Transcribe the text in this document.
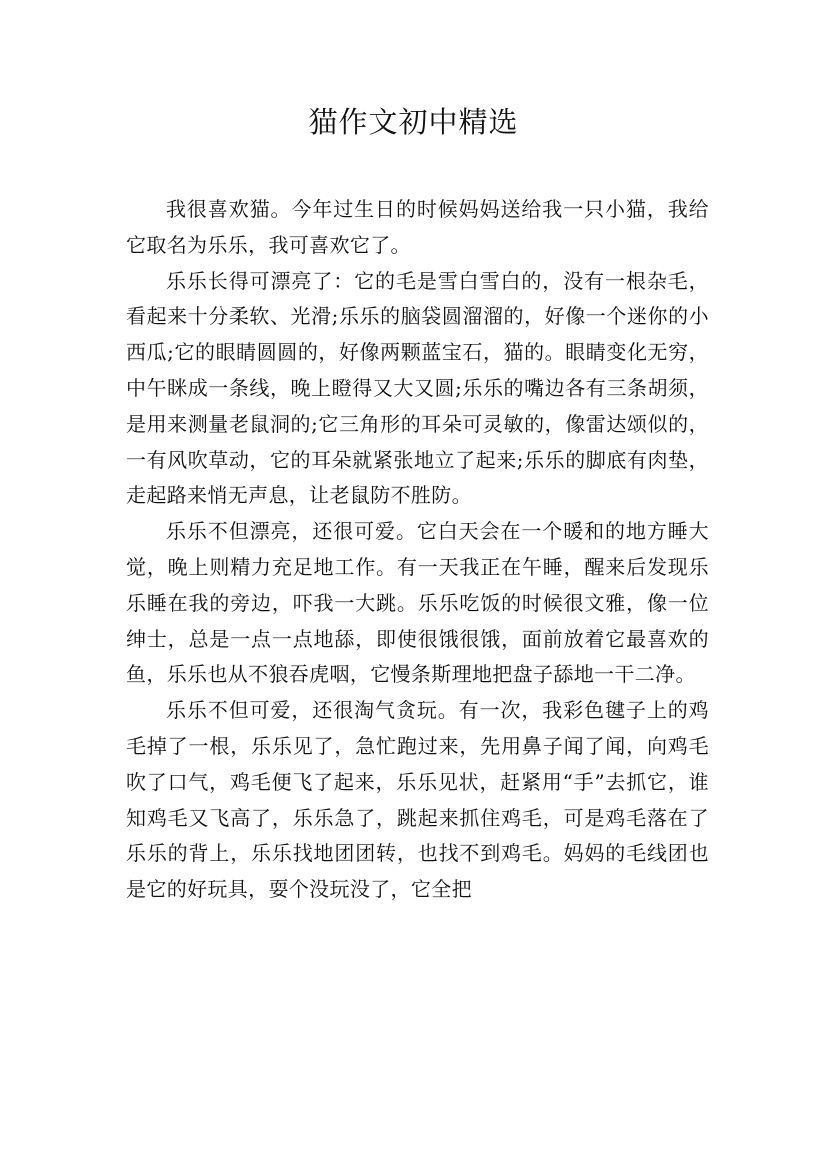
猫作文初中精选

我很喜欢猫。今年过生日的时候妈妈送给我一只小猫，我给它取名为乐乐，我可喜欢它了。

乐乐长得可漂亮了：它的毛是雪白雪白的，没有一根杂毛，看起来十分柔软、光滑;乐乐的脑袋圆溜溜的，好像一个迷你的小西瓜;它的眼睛圆圆的，好像两颗蓝宝石，猫的。眼睛变化无穷，中午眯成一条线，晚上瞪得又大又圆;乐乐的嘴边各有三条胡须，是用来测量老鼠洞的;它三角形的耳朵可灵敏的，像雷达颂似的，一有风吹草动，它的耳朵就紧张地立了起来;乐乐的脚底有肉垫，走起路来悄无声息，让老鼠防不胜防。

乐乐不但漂亮，还很可爱。它白天会在一个暖和的地方睡大觉，晚上则精力充足地工作。有一天我正在午睡，醒来后发现乐乐睡在我的旁边，吓我一大跳。乐乐吃饭的时候很文雅，像一位绅士，总是一点一点地舔，即使很饿很饿，面前放着它最喜欢的鱼，乐乐也从不狼吞虎咽，它慢条斯理地把盘子舔地一干二净。

乐乐不但可爱，还很淘气贪玩。有一次，我彩色毽子上的鸡毛掉了一根，乐乐见了，急忙跑过来，先用鼻子闻了闻，向鸡毛吹了口气，鸡毛便飞了起来，乐乐见状，赶紧用“手”去抓它，谁知鸡毛又飞高了，乐乐急了，跳起来抓住鸡毛，可是鸡毛落在了乐乐的背上，乐乐找地团团转，也找不到鸡毛。妈妈的毛线团也是它的好玩具，耍个没玩没了，它全把
